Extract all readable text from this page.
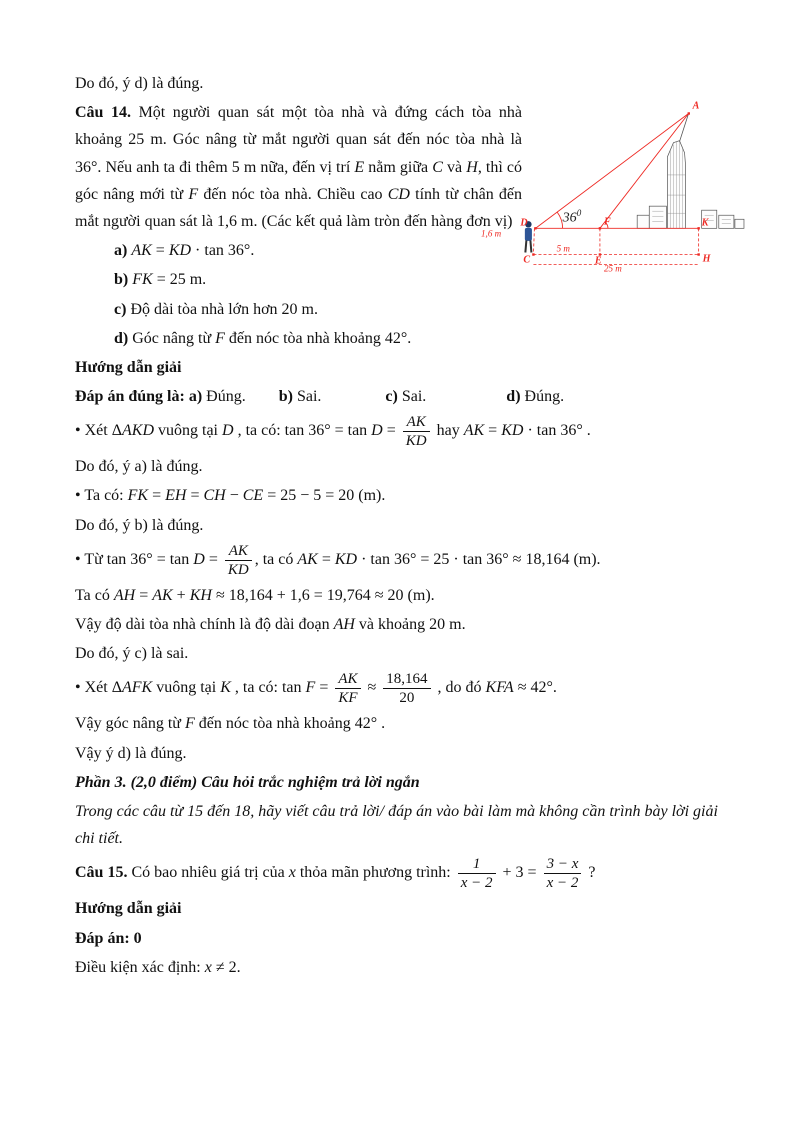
Do đó, ý d) là đúng.

Câu 14. Một người quan sát một tòa nhà và đứng cách tòa nhà khoảng 25 m. Góc nâng từ mắt người quan sát đến nóc tòa nhà là 36°. Nếu anh ta đi thêm 5 m nữa, đến vị trí E nằm giữa C và H, thì có góc nâng mới từ F đến nóc tòa nhà. Chiều cao CD tính từ chân đến mắt người quan sát là 1,6 m. (Các kết quả làm tròn đến hàng đơn vị)

a) AK = KD · tan 36°.

b) FK = 25 m.

c) Độ dài tòa nhà lớn hơn 20 m.

d) Góc nâng từ F đến nóc tòa nhà khoảng 42°.

Hướng dẫn giải

Đáp án đúng là: a) Đúng. b) Sai.	c) Sai.	d) Đúng.

• Xét ΔAKD vuông tại D , ta có: $\tan 36^\circ = \tan D = \frac{AK}{KD}$ hay AK = KD · tan 36° .

Do đó, ý a) là đúng.

• Ta có: FK = EH = CH − CE = 25 − 5 = 20 (m).

Do đó, ý b) là đúng.

• Từ $\tan 36^\circ = \tan D = \frac{AK}{KD}$ , ta có AK = KD · tan 36° = 25 · tan 36° ≈ 18,164 (m).

Ta có AH = AK + KH ≈ 18,164 + 1,6 = 19,764 ≈ 20 (m).

Vậy độ dài tòa nhà chính là độ dài đoạn AH và khoảng 20 m.

Do đó, ý c) là sai.

• Xét ΔAFK vuông tại K , ta có: $\tan F = \frac{AK}{KF} \approx \frac{18,164}{20}$ , do đó KFA ≈ 42°.

Vậy góc nâng từ F đến nóc tòa nhà khoảng 42° .

Vậy ý d) là đúng.

Phần 3. (2,0 điểm) Câu hỏi trắc nghiệm trả lời ngắn

Trong các câu từ 15 đến 18, hãy viết câu trả lời/ đáp án vào bài làm mà không cần trình bày lời giải chi tiết.

Câu 15. Có bao nhiêu giá trị của x thỏa mãn phương trình: $\frac{1}{x - 2} + 3 = \frac{3 - x}{x - 2}$ ?

Hướng dẫn giải

Đáp án: 0

Điều kiện xác định: x ≠ 2.

A
D	F	K
C	E	H
1,6 m
5 m
25 m
$36^0$
